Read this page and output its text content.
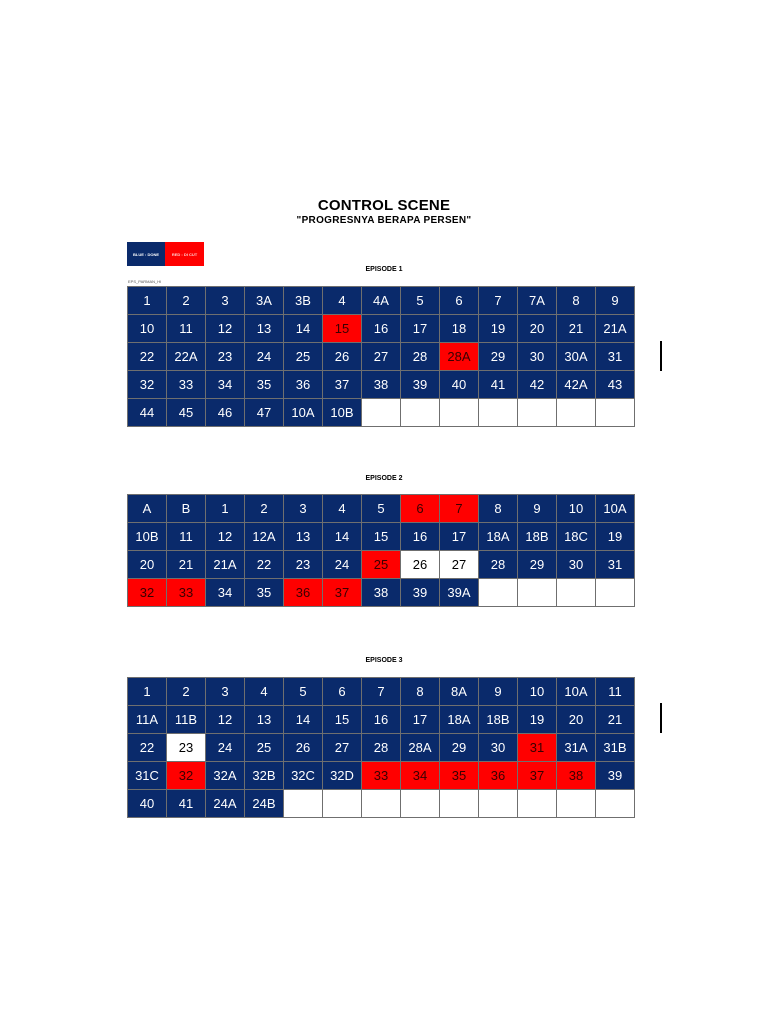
CONTROL SCENE
"PROGRESNYA BERAPA PERSEN"
BLUE : DONE	RED : DI CUT
EPS_PARMAN_HI
EPISODE 1
1	2	3	3A	3B	4	4A	5	6	7	7A	8	9
10	11	12	13	14	15	16	17	18	19	20	21	21A
22	22A	23	24	25	26	27	28	28A	29	30	30A	31
32	33	34	35	36	37	38	39	40	41	42	42A	43
44	45	46	47	10A	10B
EPISODE 2
A	B	1	2	3	4	5	6	7	8	9	10	10A
10B	11	12	12A	13	14	15	16	17	18A	18B	18C	19
20	21	21A	22	23	24	25	26	27	28	29	30	31
32	33	34	35	36	37	38	39	39A
EPISODE 3
1	2	3	4	5	6	7	8	8A	9	10	10A	11
11A	11B	12	13	14	15	16	17	18A	18B	19	20	21
22	23	24	25	26	27	28	28A	29	30	31	31A	31B
31C	32	32A	32B	32C	32D	33	34	35	36	37	38	39
40	41	24A	24B
